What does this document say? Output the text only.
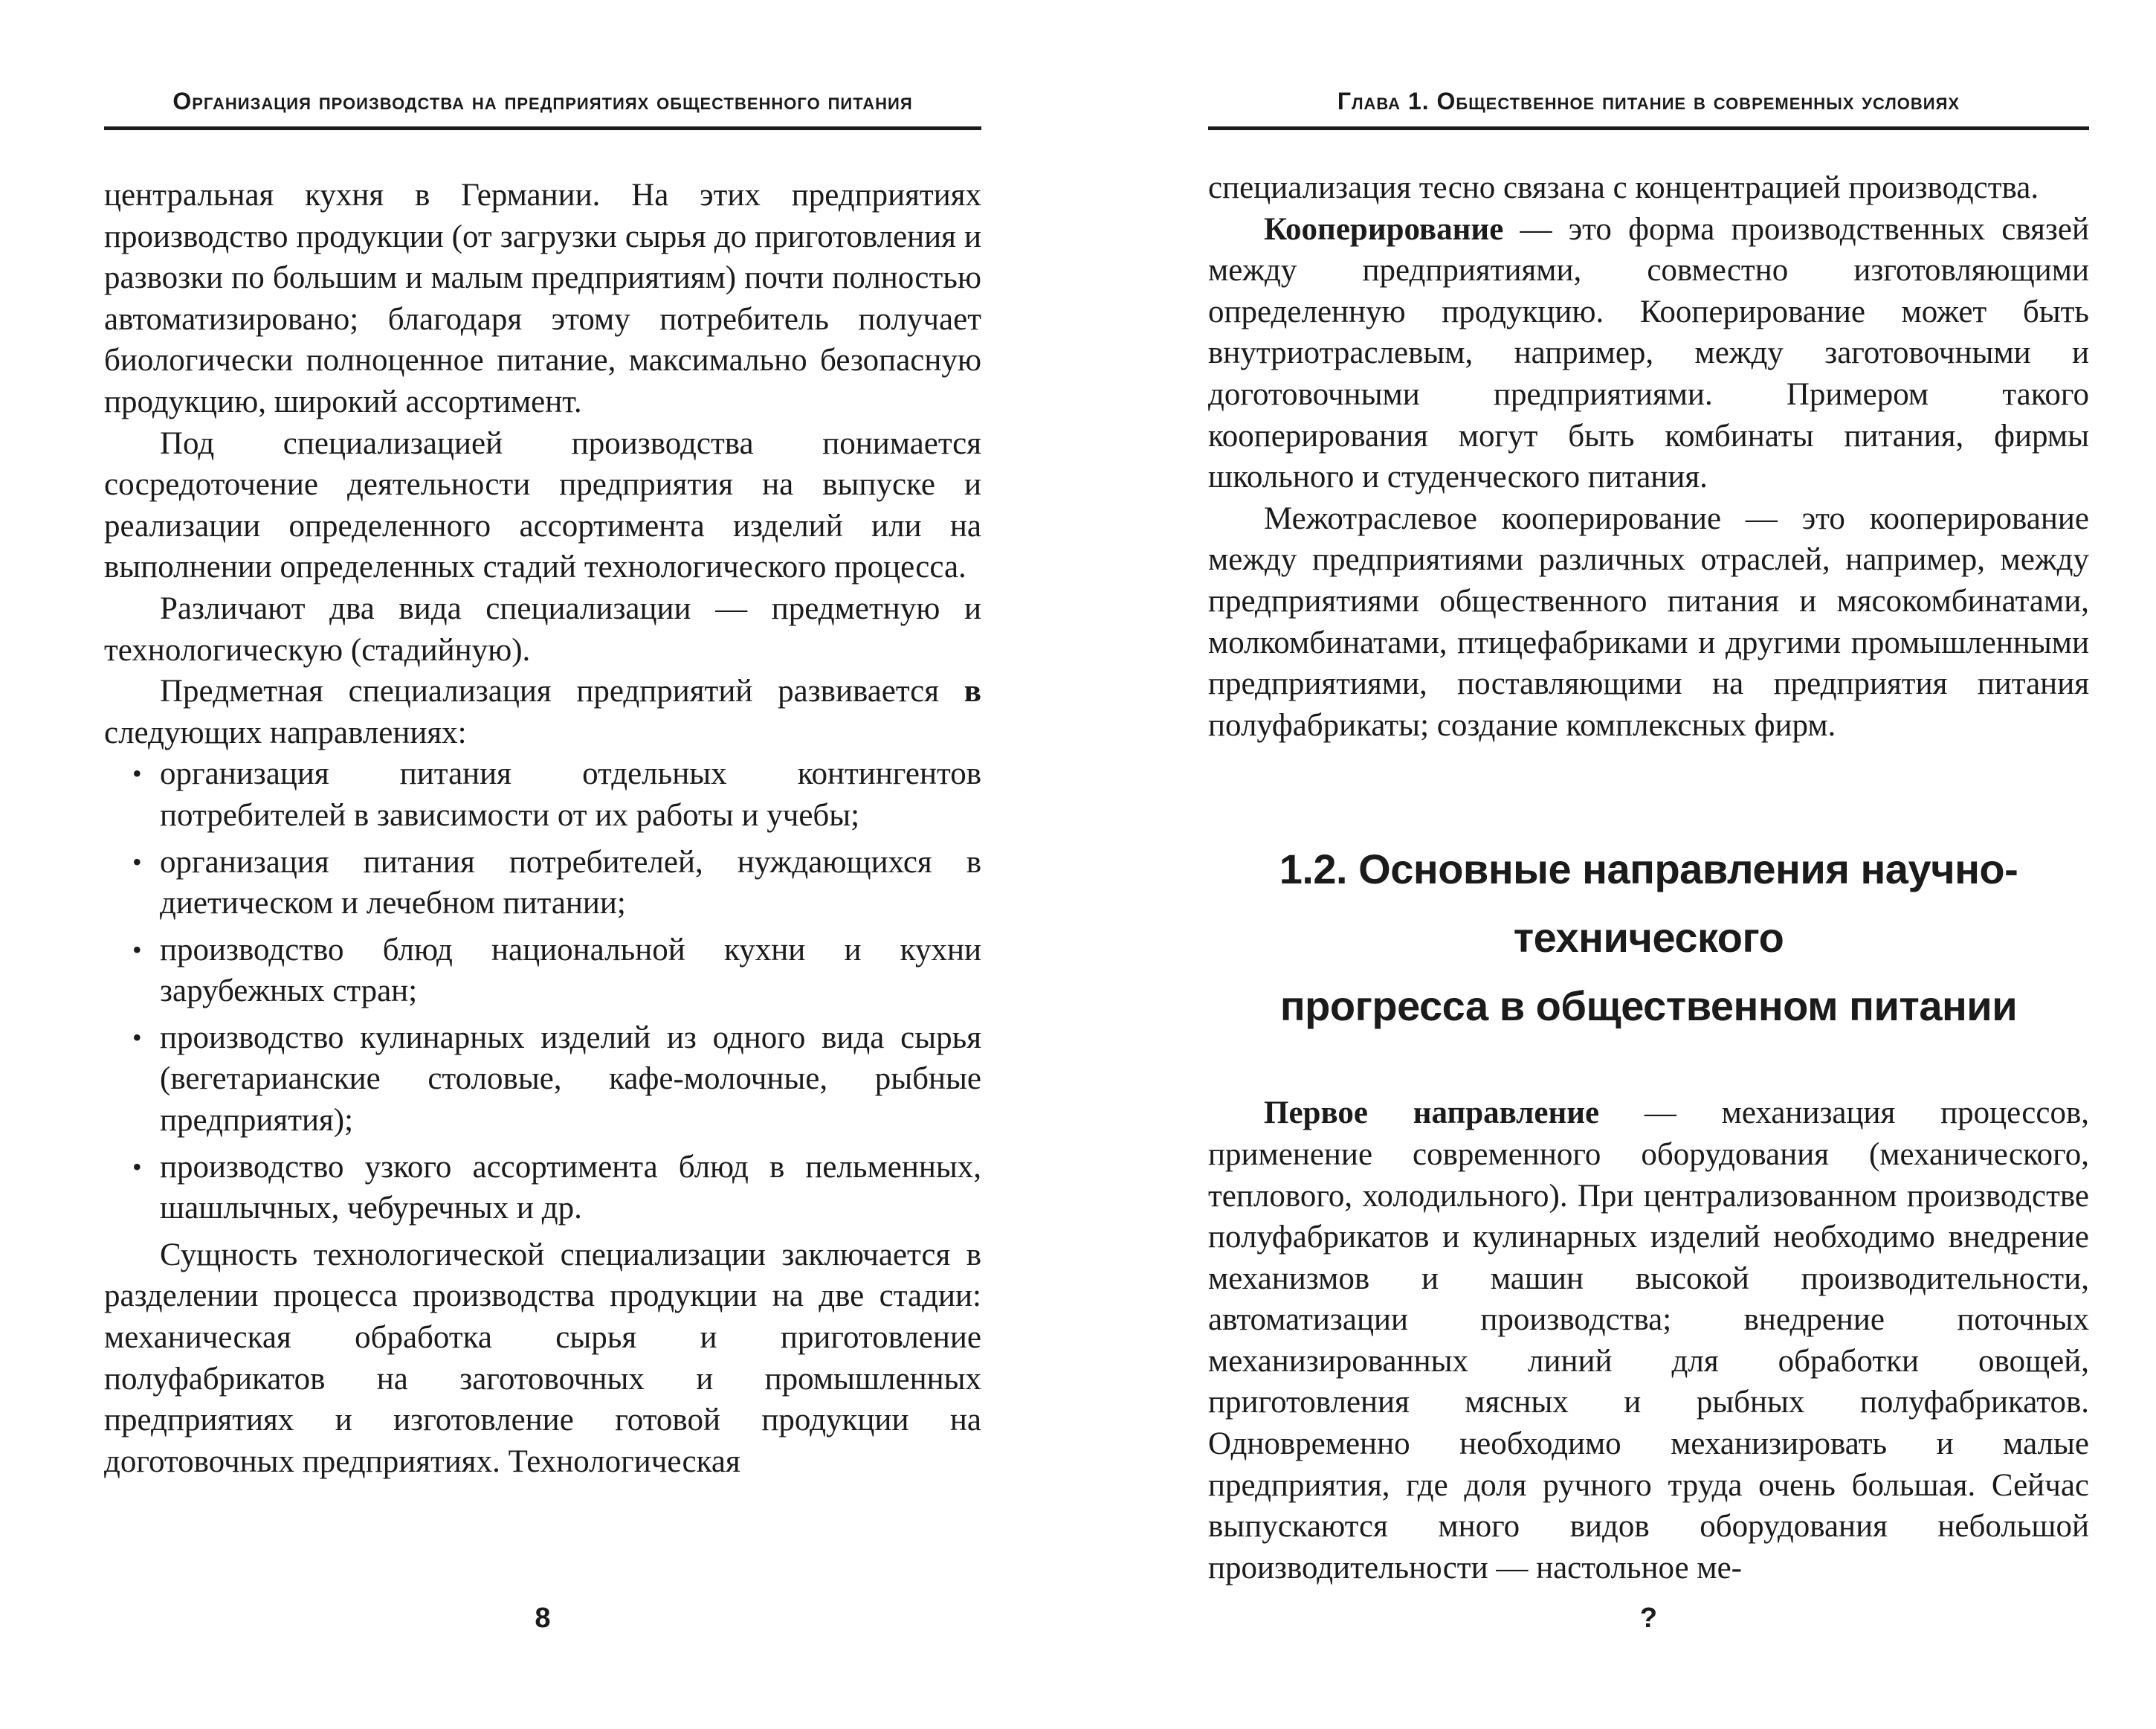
Организация производства на предприятиях общественного питания

центральная кухня в Германии. На этих предприятиях производство продукции (от загрузки сырья до приготовления и развозки по большим и малым предприятиям) почти полностью автоматизировано; благодаря этому потребитель получает биологически полноценное питание, максимально безопасную продукцию, широкий ассортимент.

Под специализацией производства понимается сосредоточение деятельности предприятия на выпуске и реализации определенного ассортимента изделий или на выполнении определенных стадий технологического процесса.

Различают два вида специализации — предметную и технологическую (стадийную).

Предметная специализация предприятий развивается в следующих направлениях:

• организация питания отдельных контингентов потребителей в зависимости от их работы и учебы;
• организация питания потребителей, нуждающихся в диетическом и лечебном питании;
• производство блюд национальной кухни и кухни зарубежных стран;
• производство кулинарных изделий из одного вида сырья (вегетарианские столовые, кафе-молочные, рыбные предприятия);
• производство узкого ассортимента блюд в пельменных, шашлычных, чебуречных и др.

Сущность технологической специализации заключается в разделении процесса производства продукции на две стадии: механическая обработка сырья и приготовление полуфабрикатов на заготовочных и промышленных предприятиях и изготовление готовой продукции на доготовочных предприятиях. Технологическая

8
Глава 1. Общественное питание в современных условиях

специализация тесно связана с концентрацией производства.

Кооперирование — это форма производственных связей между предприятиями, совместно изготовляющими определенную продукцию. Кооперирование может быть внутриотраслевым, например, между заготовочными и доготовочными предприятиями. Примером такого кооперирования могут быть комбинаты питания, фирмы школьного и студенческого питания.

Межотраслевое кооперирование — это кооперирование между предприятиями различных отраслей, например, между предприятиями общественного питания и мясокомбинатами, молкомбинатами, птицефабриками и другими промышленными предприятиями, поставляющими на предприятия питания полуфабрикаты; создание комплексных фирм.

1.2. Основные направления научно-технического
прогресса в общественном питании

Первое направление — механизация процессов, применение современного оборудования (механического, теплового, холодильного). При централизованном производстве полуфабрикатов и кулинарных изделий необходимо внедрение механизмов и машин высокой производительности, автоматизации производства; внедрение поточных механизированных линий для обработки овощей, приготовления мясных и рыбных полуфабрикатов. Одновременно необходимо механизировать и малые предприятия, где доля ручного труда очень большая. Сейчас выпускаются много видов оборудования небольшой производительности — настольное ме-

?
